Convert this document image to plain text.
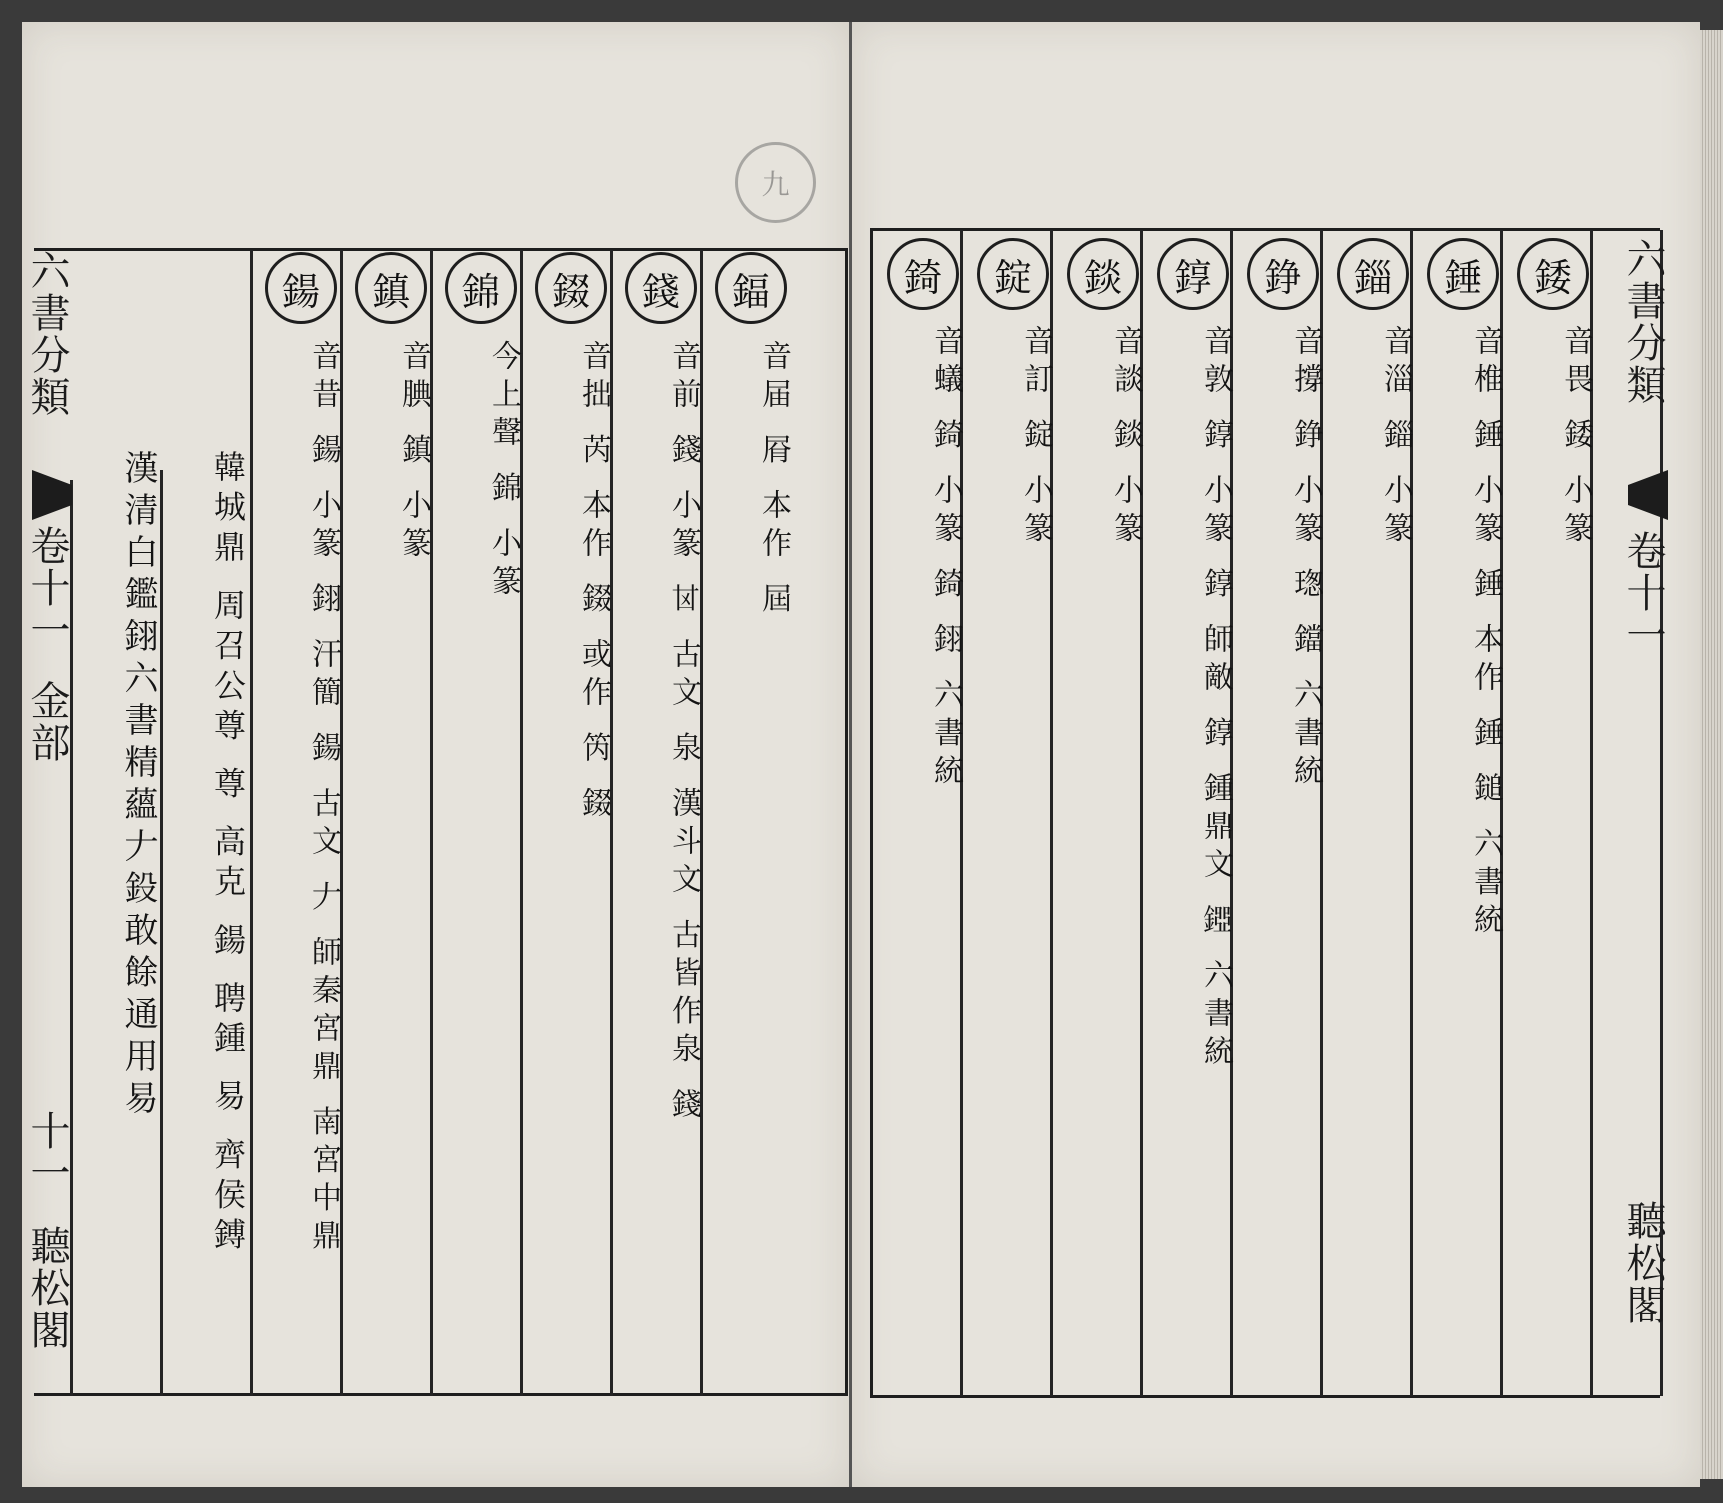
九
六書分類
卷十一
金部
十一
聽松閣
漢清白鑑𨦫六書精蘊𠂇鈠敢餘通用易	韓城鼎 周召公尊 尊 高克 鍚 聘鍾 易 齊侯鎛
鍚
音昔 鍚 小篆 𨦫 汗簡 鍚 古文 𠂇 師秦宮鼎 南宮中鼎
鎮
音腆 鎮 小篆
錦
今上聲 錦 小篆
錣
音拙 芮 本作 錣 或作 笍 錣
錢
音前 錢 小篆 𠀠 古文 泉 漢斗文 古皆作泉 錢
鍢
音届 㞕 本作 屆
錡
音蟻 錡 小篆 錡 𨦫 六書統
錠
音訂 錠 小篆
錟
音談 錟 小篆
錞
音敦 錞 小篆 錞 師敵 錞 鍾鼎文 𨪐 六書統
錚
音撐 錚 小篆 𤧚 鐺 六書統
錙
音淄 錙 小篆
錘
音椎 錘 小篆 錘 本作 錘 鎚 六書統
錗
音畏 錗 小篆
六書分類
卷十一
聽松閣
